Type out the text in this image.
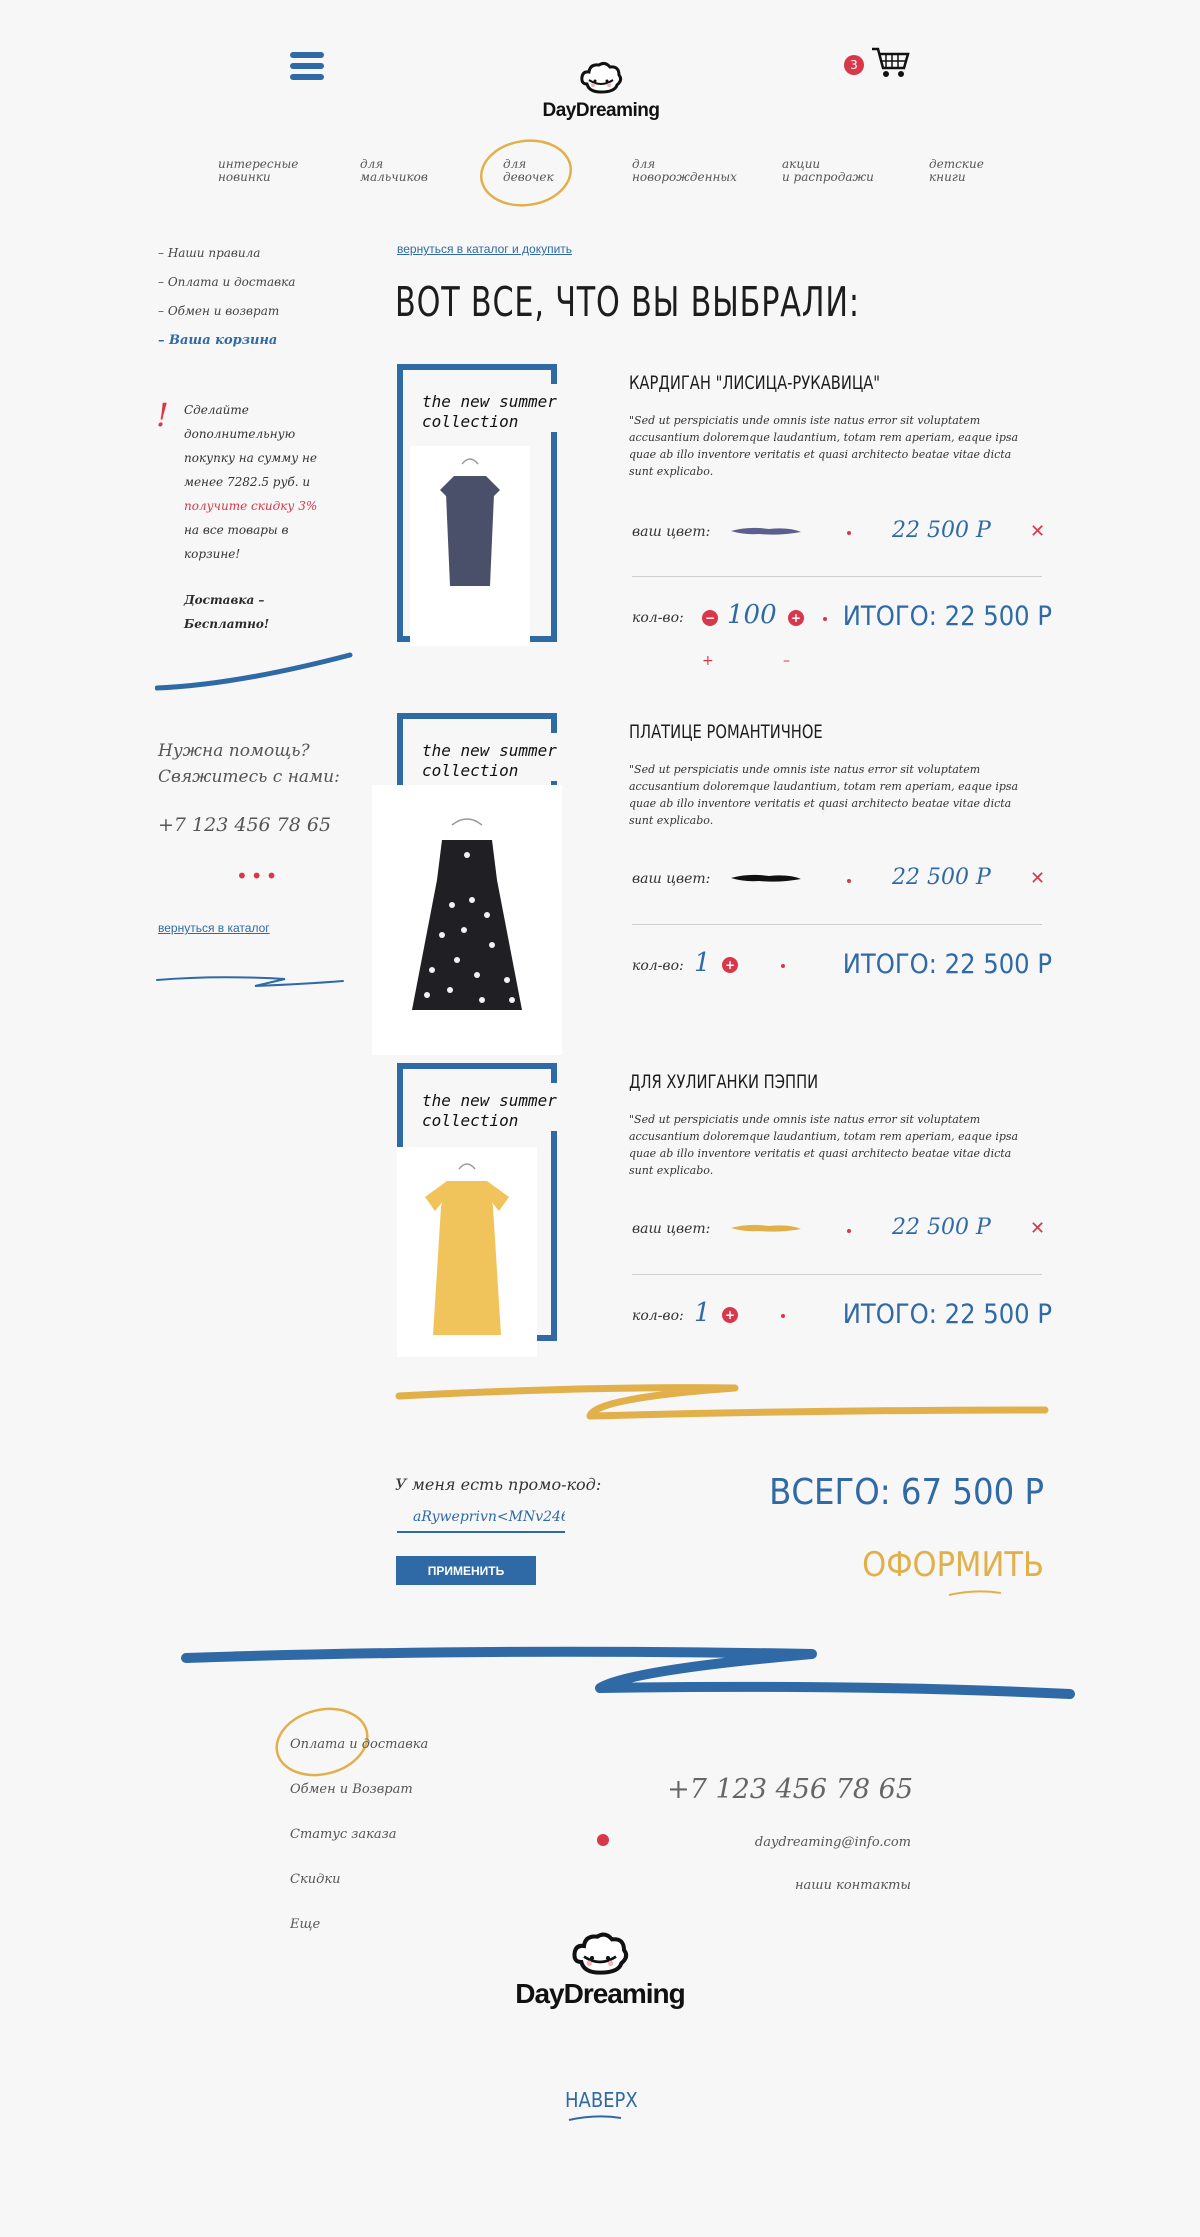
DayDreaming
3
интересные
новинки
для
мальчиков
для
девочек
для
новорожденных
акции
и распродажи
детские
книги
– Наши правила
– Оплата и доставка
– Обмен и возврат
– Ваша корзина
! Сделайте дополнительную покупку на сумму не менее 7282.5 руб. и получите скидку 3% на все товары в корзине!
Доставка – Бесплатно!
Нужна помощь?
Свяжитесь с нами:
+7 123 456 78 65
•••
вернуться в каталог
вернуться в каталог и докупить
ВОТ ВСЕ, ЧТО ВЫ ВЫБРАЛИ:
the new summer
collection
КАРДИГАН "ЛИСИЦА-РУКАВИЦА"
"Sed ut perspiciatis unde omnis iste natus error sit voluptatem accusantium doloremque laudantium, totam rem aperiam, eaque ipsa quae ab illo inventore veritatis et quasi architecto beatae vitae dicta sunt explicabo.
ваш цвет:	22 500 Р ✕
кол-во: − 100 + ИТОГО: 22 500 Р
+	–
the new summer
collection
ПЛАТИЦЕ РОМАНТИЧНОЕ
"Sed ut perspiciatis unde omnis iste natus error sit voluptatem accusantium doloremque laudantium, totam rem aperiam, eaque ipsa quae ab illo inventore veritatis et quasi architecto beatae vitae dicta sunt explicabo.
ваш цвет:	22 500 Р ✕
кол-во: 1 +	ИТОГО: 22 500 Р
the new summer
collection
ДЛЯ ХУЛИГАНКИ ПЭППИ
"Sed ut perspiciatis unde omnis iste natus error sit voluptatem accusantium doloremque laudantium, totam rem aperiam, eaque ipsa quae ab illo inventore veritatis et quasi architecto beatae vitae dicta sunt explicabo.
ваш цвет:	22 500 Р ✕
кол-во: 1 +	ИТОГО: 22 500 Р
У меня есть промо-код:
aRyweprivn<MNv246
ПРИМЕНИТЬ
ВСЕГО: 67 500 Р
ОФОРМИТЬ
Оплата и доставка
Обмен и Возврат
Статус заказа
Скидки
Еще
+7 123 456 78 65
daydreaming@info.com
наши контакты
DayDreaming
НАВЕРХ
